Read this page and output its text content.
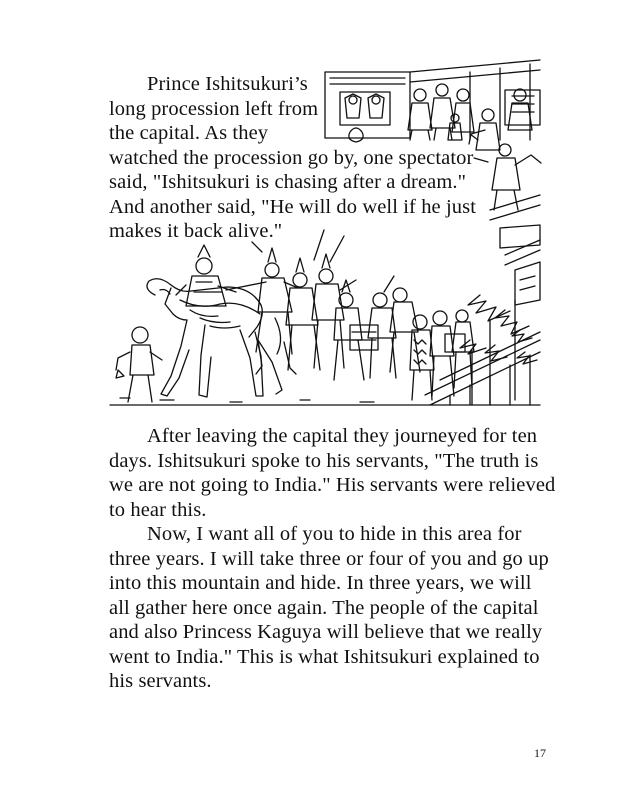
Prince Ishitsukuri’s
long procession left from
the capital. As they
watched the procession go by, one spectator
said, "Ishitsukuri is chasing after a dream."
And another said, "He will do well if he just
makes it back alive."

After leaving the capital they journeyed for ten
days. Ishitsukuri spoke to his servants, "The truth is
we are not going to India." His servants were relieved
to hear this.

Now, I want all of you to hide in this area for
three years. I will take three or four of you and go up
into this mountain and hide. In three years, we will
all gather here once again. The people of the capital
and also Princess Kaguya will believe that we really
went to India." This is what Ishitsukuri explained to
his servants.

17
